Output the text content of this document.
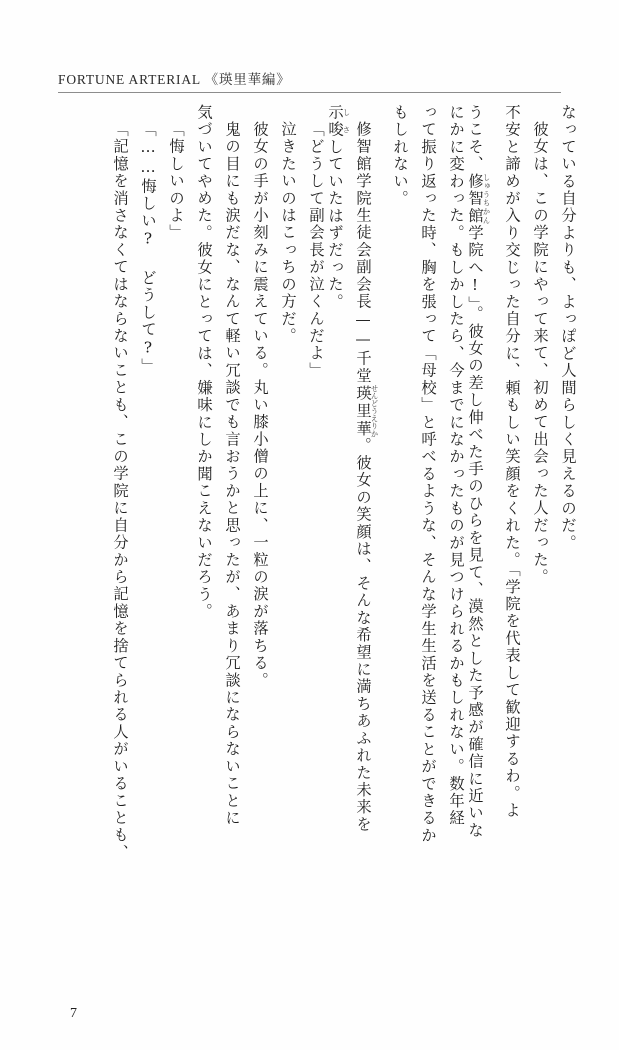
FORTUNE ARTERIAL 《瑛里華編》
なっている自分よりも、よっぽど人間らしく見えるのだ。
彼女は、この学院にやって来て、初めて出会った人だった。
不安と諦めが入り交じった自分に、頼もしい笑顔をくれた。「学院を代表して歓迎するわ。よ
うこそ、修智館しゅうちかん学院へ!」。彼女の差し伸べた手のひらを見て、漠然とした予感が確信に近いな
にかに変わった。もしかしたら、今までになかったものが見つけられるかもしれない。数年経
って振り返った時、胸を張って「母校」と呼べるような、そんな学生生活を送ることができるか
もしれない。
修智館学院生徒会副会長——千堂瑛里華せんどうえりか。彼女の笑顔は、そんな希望に満ちあふれた未来を
示唆しさしていたはずだった。
「どうして副会長が泣くんだよ」
泣きたいのはこっちの方だ。
彼女の手が小刻みに震えている。丸い膝小僧の上に、一粒の涙が落ちる。
鬼の目にも涙だな、なんて軽い冗談でも言おうかと思ったが、あまり冗談にならないことに
気づいてやめた。彼女にとっては、嫌味にしか聞こえないだろう。
「悔しいのよ」
「……悔しい? どうして?」
「記憶を消さなくてはならないことも、この学院に自分から記憶を捨てられる人がいることも、
7
